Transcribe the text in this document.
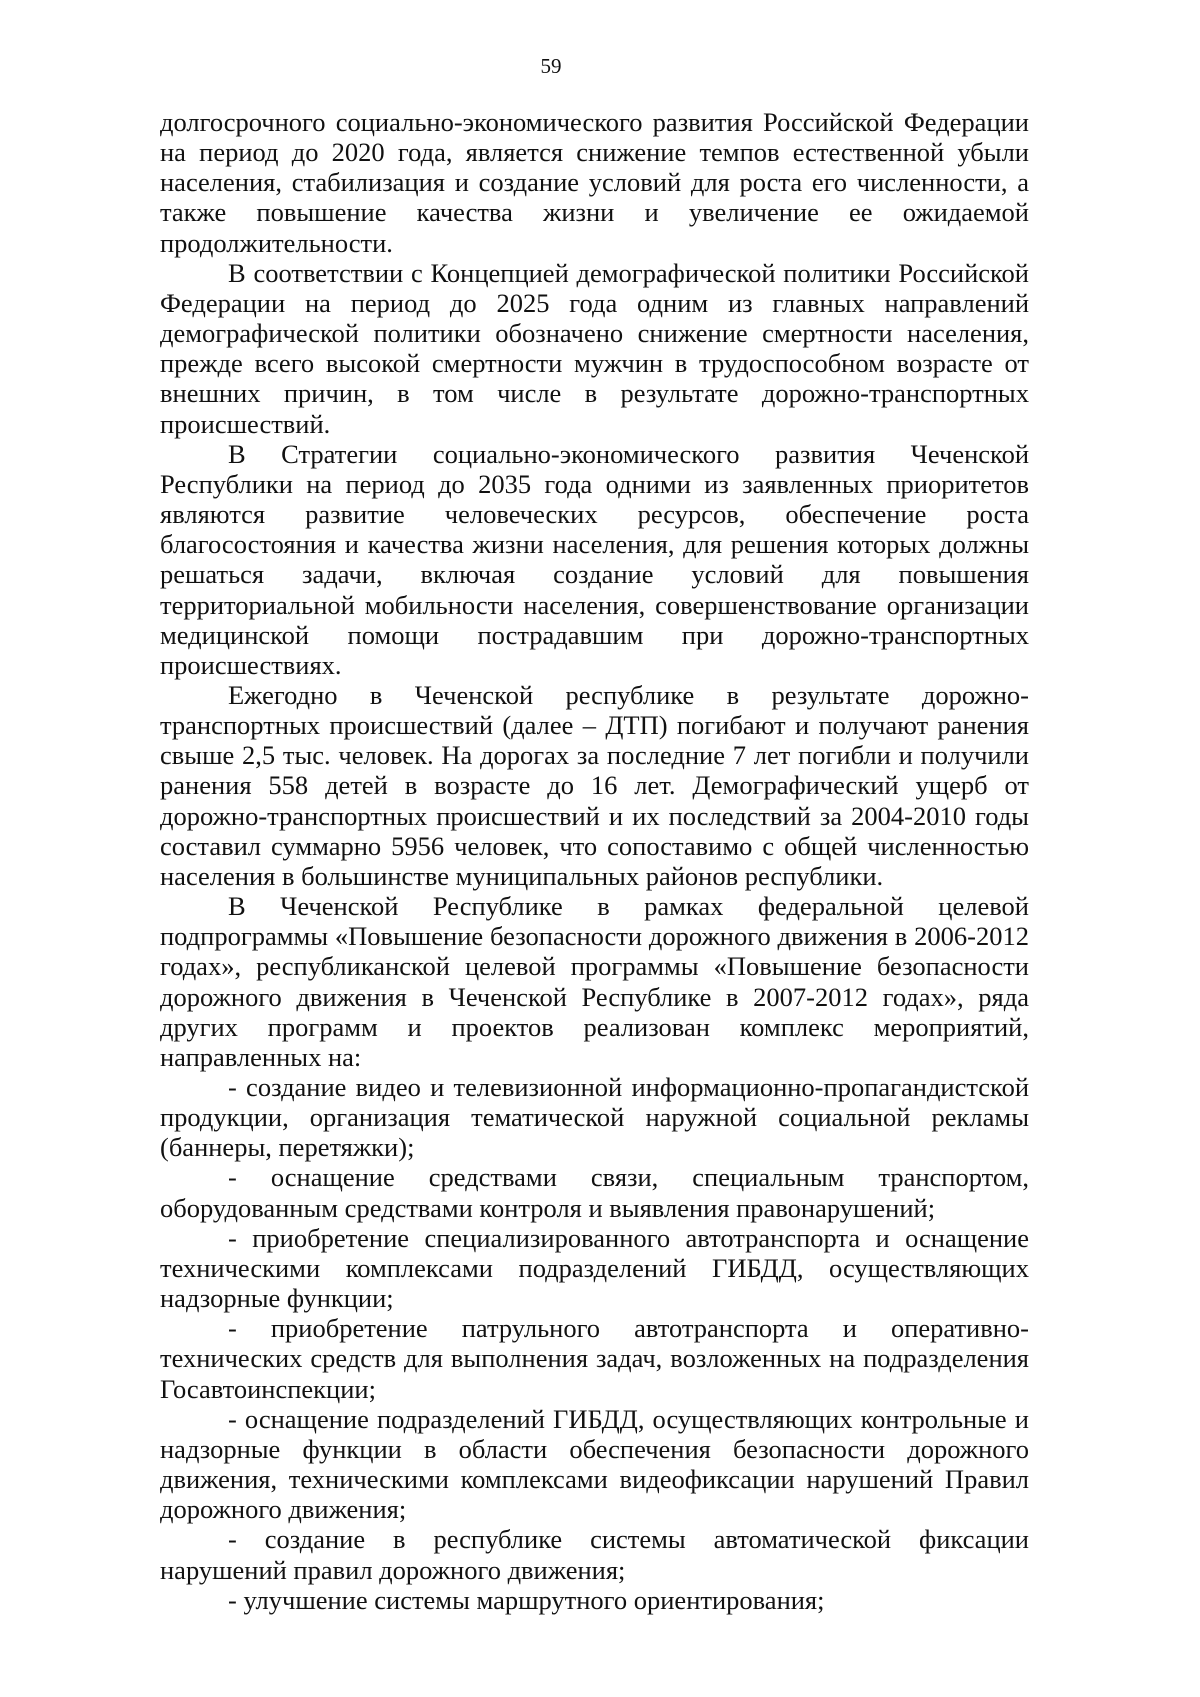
59

долгосрочного социально-экономического развития Российской Федерации на период до 2020 года, является снижение темпов естественной убыли населения, стабилизация и создание условий для роста его численности, а также повышение качества жизни и увеличение ее ожидаемой продолжительности.

В соответствии с Концепцией демографической политики Российской Федерации на период до 2025 года одним из главных направлений демографической политики обозначено снижение смертности населения, прежде всего высокой смертности мужчин в трудоспособном возрасте от внешних причин, в том числе в результате дорожно-транспортных происшествий.

В Стратегии социально-экономического развития Чеченской Республики на период до 2035 года одними из заявленных приоритетов являются развитие человеческих ресурсов, обеспечение роста благосостояния и качества жизни населения, для решения которых должны решаться задачи, включая создание условий для повышения территориальной мобильности населения, совершенствование организации медицинской помощи пострадавшим при дорожно-транспортных происшествиях.

Ежегодно в Чеченской республике в результате дорожно-транспортных происшествий (далее – ДТП) погибают и получают ранения свыше 2,5 тыс. человек. На дорогах за последние 7 лет погибли и получили ранения 558 детей в возрасте до 16 лет. Демографический ущерб от дорожно-транспортных происшествий и их последствий за 2004-2010 годы составил суммарно 5956 человек, что сопоставимо с общей численностью населения в большинстве муниципальных районов республики.

В Чеченской Республике в рамках федеральной целевой подпрограммы «Повышение безопасности дорожного движения в 2006-2012 годах», республиканской целевой программы «Повышение безопасности дорожного движения в Чеченской Республике в 2007-2012 годах», ряда других программ и проектов реализован комплекс мероприятий, направленных на:

- создание видео и телевизионной информационно-пропагандистской продукции, организация тематической наружной социальной рекламы (баннеры, перетяжки);

- оснащение средствами связи, специальным транспортом, оборудованным средствами контроля и выявления правонарушений;

- приобретение специализированного автотранспорта и оснащение техническими комплексами подразделений ГИБДД, осуществляющих надзорные функции;

- приобретение патрульного автотранспорта и оперативно-технических средств для выполнения задач, возложенных на подразделения Госавтоинспекции;

- оснащение подразделений ГИБДД, осуществляющих контрольные и надзорные функции в области обеспечения безопасности дорожного движения, техническими комплексами видеофиксации нарушений Правил дорожного движения;

- создание в республике системы автоматической фиксации нарушений правил дорожного движения;

- улучшение системы маршрутного ориентирования;
